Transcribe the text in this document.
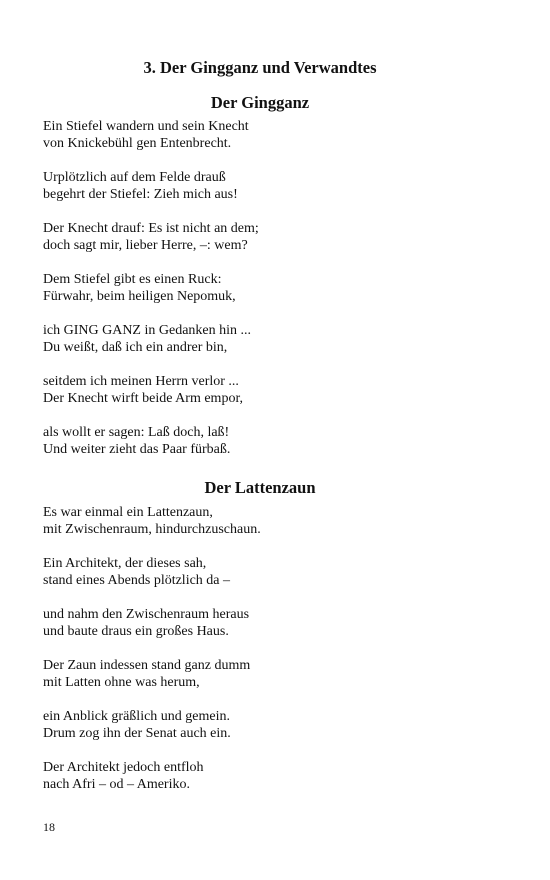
3. Der Gingganz und Verwandtes
Der Gingganz

Ein Stiefel wandern und sein Knecht
von Knickebühl gen Entenbrecht.

Urplötzlich auf dem Felde drauß
begehrt der Stiefel: Zieh mich aus!

Der Knecht drauf: Es ist nicht an dem;
doch sagt mir, lieber Herre, –: wem?

Dem Stiefel gibt es einen Ruck:
Fürwahr, beim heiligen Nepomuk,

ich GING GANZ in Gedanken hin ...
Du weißt, daß ich ein andrer bin,

seitdem ich meinen Herrn verlor ...
Der Knecht wirft beide Arm empor,

als wollt er sagen: Laß doch, laß!
Und weiter zieht das Paar fürbaß.

Der Lattenzaun

Es war einmal ein Lattenzaun,
mit Zwischenraum, hindurchzuschaun.

Ein Architekt, der dieses sah,
stand eines Abends plötzlich da –

und nahm den Zwischenraum heraus
und baute draus ein großes Haus.

Der Zaun indessen stand ganz dumm
mit Latten ohne was herum,

ein Anblick gräßlich und gemein.
Drum zog ihn der Senat auch ein.

Der Architekt jedoch entfloh
nach Afri – od – Ameriko.

18
